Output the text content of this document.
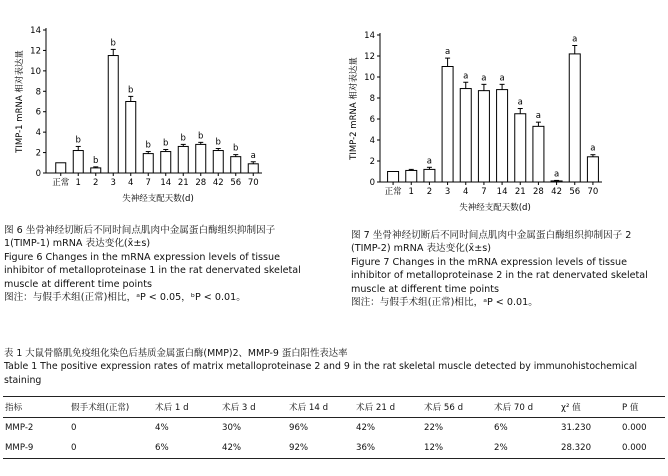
0
2
4
6
8
10
12
14
TIMP-1 mRNA 相对表达量
正常
b
1
b
2
b
3
b
4
b
7
b
14
b
21
b
28
b
42
b
56
a
70
失神经支配天数(d)
0
2
4
6
8
10
12
14
TIMP-2 mRNA 相对表达量
正常 1
a
2
a
3
a
4
a
7
a
14
a
21
a
28
a
42
a
56
a
70
失神经支配天数(d)
图 6 坐骨神经切断后不同时间点肌肉中金属蛋白酶组织抑制因子
1(TIMP-1) mRNA 表达变化(x̄±s)
Figure 6 Changes in the mRNA expression levels of tissue
inhibitor of metalloproteinase 1 in the rat denervated skeletal
muscle at different time points
图注：与假手术组(正常)相比，ᵃP < 0.05，ᵇP < 0.01。
图 7 坐骨神经切断后不同时间点肌肉中金属蛋白酶组织抑制因子 2
(TIMP-2) mRNA 表达变化(x̄±s)
Figure 7 Changes in the mRNA expression levels of tissue
inhibitor of metalloproteinase 2 in the rat denervated skeletal
muscle at different time points
图注：与假手术组(正常)相比，ᵃP < 0.01。
表 1 大鼠骨骼肌免疫组化染色后基质金属蛋白酶(MMP)2、MMP-9 蛋白阳性表达率
Table 1 The positive expression rates of matrix metalloproteinase 2 and 9 in the rat skeletal muscle detected by immunohistochemical
staining
指标	假手术组(正常)	术后 1 d	术后 3 d	术后 14 d	术后 21 d	术后 56 d	术后 70 d	χ² 值	P 值
MMP-2	0	4%	30%	96%	42%	22%	6%	31.230	0.000
MMP-9	0	6%	42%	92%	36%	12%	2%	28.320	0.000
